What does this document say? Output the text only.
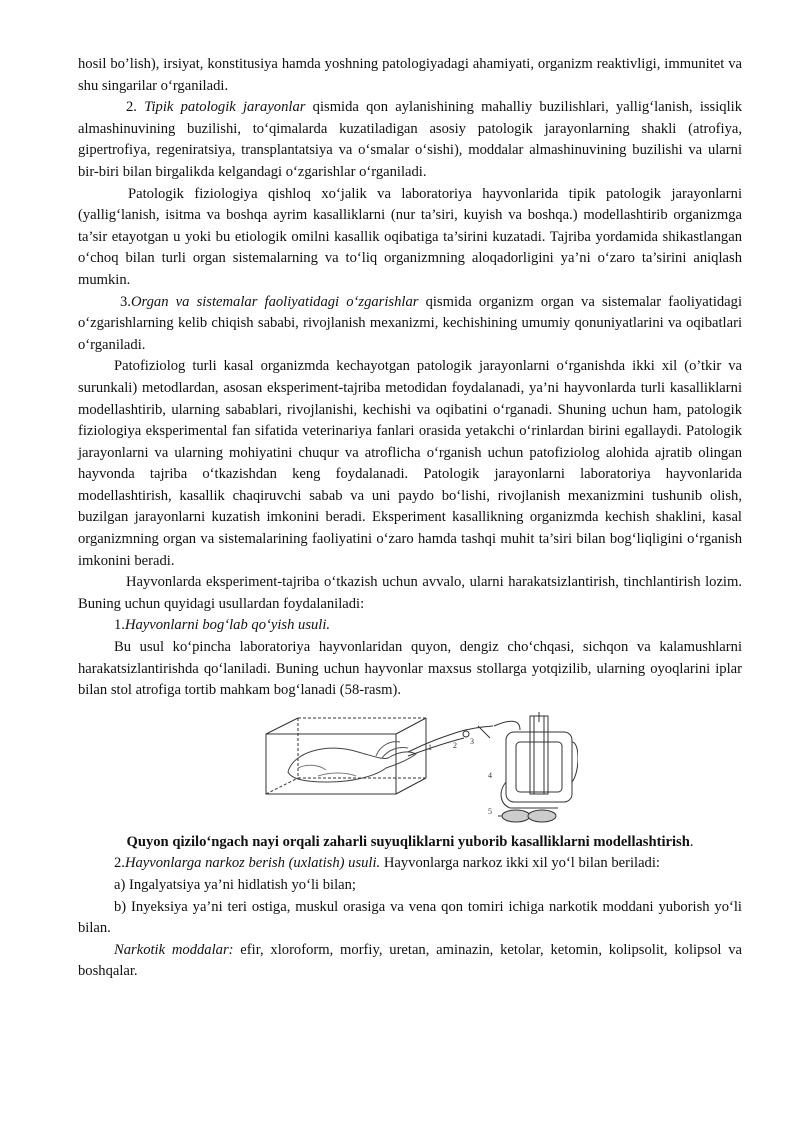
hosil bo’lish), irsiyat, konstitusiya hamda yoshning patologiyadagi ahamiyati, organizm reaktivligi, immunitet va shu singarilar o‘rganiladi.

2. Tipik patologik jarayonlar qismida qon aylanishining mahalliy buzilishlari, yallig‘lanish, issiqlik almashinuvining buzilishi, to‘qimalarda kuzatiladigan asosiy patologik jarayonlarning shakli (atrofiya, gipertrofiya, regeniratsiya, transplantatsiya va o‘smalar o‘sishi), moddalar almashinuvining buzilishi va ularni bir-biri bilan birgalikda kelgandagi o‘zgarishlar o‘rganiladi.

Patologik fiziologiya qishloq xo‘jalik va laboratoriya hayvonlarida tipik patologik jarayonlarni (yallig‘lanish, isitma va boshqa ayrim kasalliklarni (nur ta’siri, kuyish va boshqa.) modellashtirib organizmga ta’sir etayotgan u yoki bu etiologik omilni kasallik oqibatiga ta’sirini kuzatadi. Tajriba yordamida shikastlangan o‘choq bilan turli organ sistemalarning va to‘liq organizmning aloqadorligini ya’ni o‘zaro ta’sirini aniqlash mumkin.

3.Organ va sistemalar faoliyatidagi o‘zgarishlar qismida organizm organ va sistemalar faoliyatidagi o‘zgarishlarning kelib chiqish sababi, rivojlanish mexanizmi, kechishining umumiy qonuniyatlarini va oqibatlari o‘rganiladi.

Patofiziolog turli kasal organizmda kechayotgan patologik jarayonlarni o‘rganishda ikki xil (o’tkir va surunkali) metodlardan, asosan eksperiment-tajriba metodidan foydalanadi, ya’ni hayvonlarda turli kasalliklarni modellashtirib, ularning sabablari, rivojlanishi, kechishi va oqibatini o‘rganadi. Shuning uchun ham, patologik fiziologiya eksperimental fan sifatida veterinariya fanlari orasida yetakchi o‘rinlardan birini egallaydi. Patologik jarayonlarni va ularning mohiyatini chuqur va atroflicha o‘rganish uchun patofiziolog alohida ajratib olingan hayvonda tajriba o‘tkazishdan keng foydalanadi. Patologik jarayonlarni laboratoriya hayvonlarida modellashtirish, kasallik chaqiruvchi sabab va uni paydo bo‘lishi, rivojlanish mexanizmini tushunib olish, buzilgan jarayonlarni kuzatish imkonini beradi. Eksperiment kasallikning organizmda kechish shaklini, kasal organizmning organ va sistemalarining faoliyatini o‘zaro hamda tashqi muhit ta’siri bilan bog‘liqligini o‘rganish imkonini beradi.

Hayvonlarda eksperiment-tajriba o‘tkazish uchun avvalo, ularni harakatsizlantirish, tinchlantirish lozim. Buning uchun quyidagi usullardan foydalaniladi:

1.Hayvonlarni bog‘lab qo‘yish usuli.

Bu usul ko‘pincha laboratoriya hayvonlaridan quyon, dengiz cho‘chqasi, sichqon va kalamushlarni harakatsizlantirishda qo‘laniladi. Buning uchun hayvonlar maxsus stollarga yotqizilib, ularning oyoqlarini iplar bilan stol atrofiga tortib mahkam bog‘lanadi (58-rasm).

1	2 3
4
5

Quyon qizilo‘ngach nayi orqali zaharli suyuqliklarni yuborib kasalliklarni modellashtirish.

2.Hayvonlarga narkoz berish (uxlatish) usuli. Hayvonlarga narkoz ikki xil yo‘l bilan beriladi:

a) Ingalyatsiya ya’ni hidlatish yo‘li bilan;

b) Inyeksiya ya’ni teri ostiga, muskul orasiga va vena qon tomiri ichiga narkotik moddani yuborish yo‘li bilan.

Narkotik moddalar: efir, xloroform, morfiy, uretan, aminazin, ketolar, ketomin, kolipsolit, kolipsol va boshqalar.
